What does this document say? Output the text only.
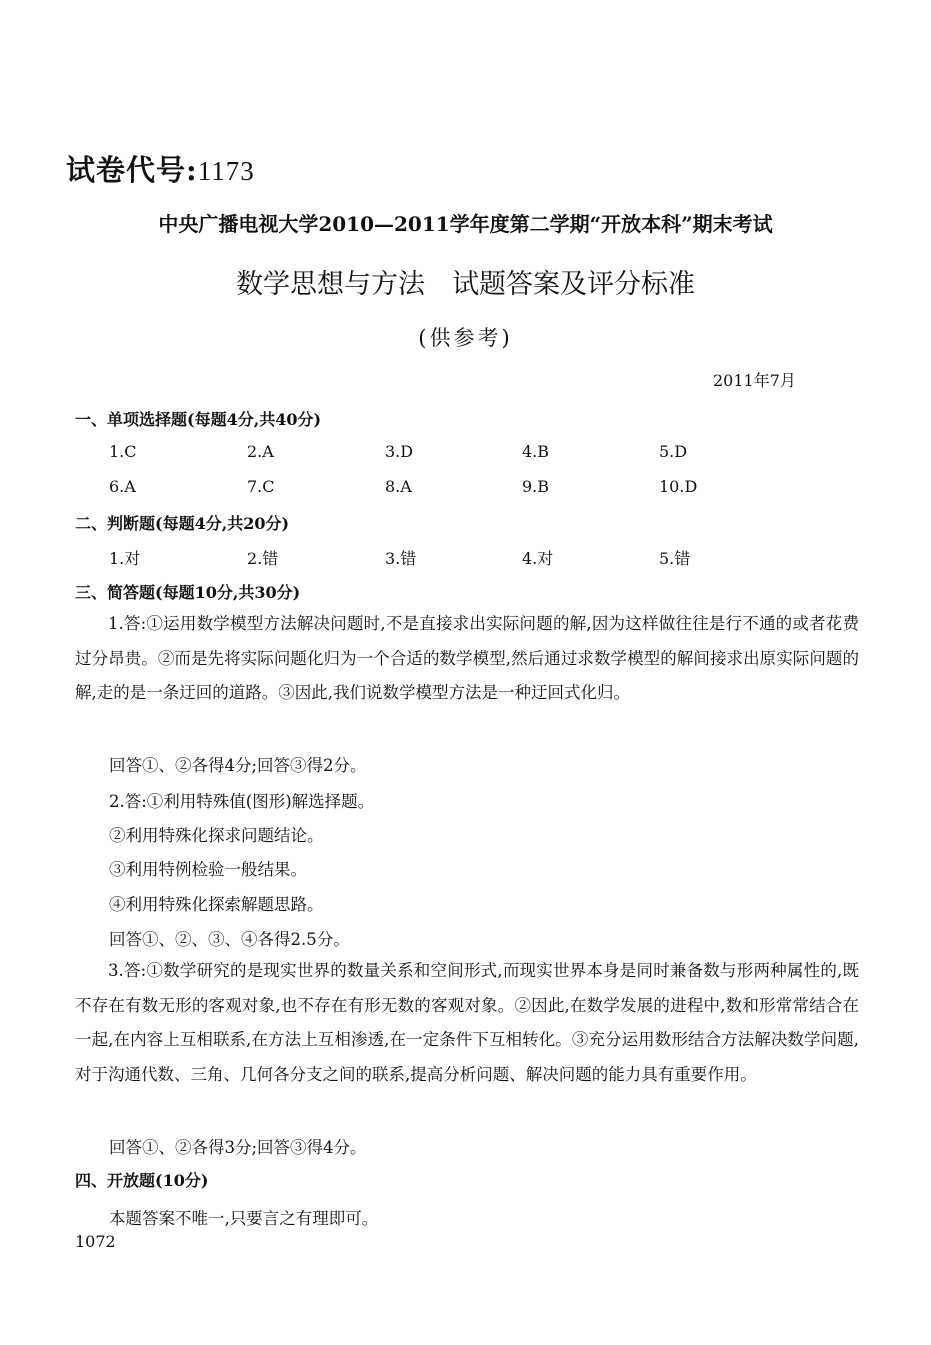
试卷代号:1173
中央广播电视大学2010—2011学年度第二学期“开放本科”期末考试
数学思想与方法　试题答案及评分标准
(供参考)
2011年7月
一、单项选择题(每题4分,共40分)
1.C	2.A	3.D	4.B	5.D
6.A	7.C	8.A	9.B	10.D
二、判断题(每题4分,共20分)
1.对	2.错	3.错	4.对	5.错
三、简答题(每题10分,共30分)

1.答:①运用数学模型方法解决问题时,不是直接求出实际问题的解,因为这样做往往是行不通的或者花费过分昂贵。②而是先将实际问题化归为一个合适的数学模型,然后通过求数学模型的解间接求出原实际问题的解,走的是一条迂回的道路。③因此,我们说数学模型方法是一种迂回式化归。

回答①、②各得4分;回答③得2分。
2.答:①利用特殊值(图形)解选择题。
②利用特殊化探求问题结论。
③利用特例检验一般结果。
④利用特殊化探索解题思路。
回答①、②、③、④各得2.5分。

3.答:①数学研究的是现实世界的数量关系和空间形式,而现实世界本身是同时兼备数与形两种属性的,既不存在有数无形的客观对象,也不存在有形无数的客观对象。②因此,在数学发展的进程中,数和形常常结合在一起,在内容上互相联系,在方法上互相渗透,在一定条件下互相转化。③充分运用数形结合方法解决数学问题,对于沟通代数、三角、几何各分支之间的联系,提高分析问题、解决问题的能力具有重要作用。

回答①、②各得3分;回答③得4分。
四、开放题(10分)
本题答案不唯一,只要言之有理即可。
1072
